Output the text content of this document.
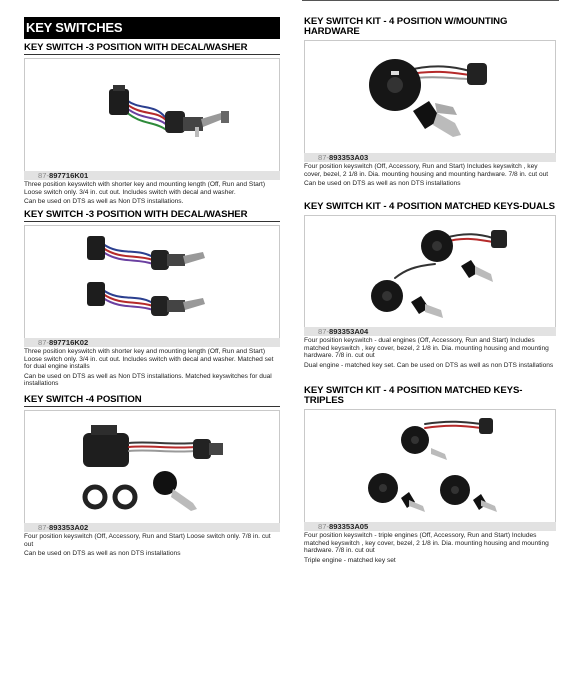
KEY SWITCHES
KEY SWITCH -3 POSITION WITH DECAL/WASHER
87-897716K01

Three position keyswitch with shorter key and mounting length (Off, Run and Start) Loose switch only. 3/4 in. cut out. Includes switch with decal and washer.

Can be used on DTS as well as Non DTS installations.

KEY SWITCH -3 POSITION WITH DECAL/WASHER
87-897716K02

Three position keyswitch with shorter key and mounting length (Off, Run and Start) Loose switch only. 3/4 in. cut out. Includes switch with decal and washer. Matched set for dual engine installs

Can be used on DTS as well as Non DTS installations. Matched keyswitches for dual installations

KEY SWITCH -4 POSITION
87-893353A02

Four position keyswitch (Off, Accessory, Run and Start) Loose switch only. 7/8 in. cut out

Can be used on DTS as well as non DTS installations

KEY SWITCH KIT - 4 POSITION W/MOUNTING HARDWARE
87-893353A03

Four position keyswitch (Off, Accessory, Run and Start) Includes keyswitch , key cover, bezel, 2 1/8 in. Dia. mounting housing and mounting hardware. 7/8 in. cut out

Can be used on DTS as well as non DTS installations

KEY SWITCH KIT - 4 POSITION MATCHED KEYS-DUALS
87-893353A04

Four position keyswitch - dual engines (Off, Accessory, Run and Start) Includes matched keyswitch , key cover, bezel, 2 1/8 in. Dia. mounting housing and mounting hardware. 7/8 in. cut out

Dual engine - matched key set. Can be used on DTS as well as non DTS installations

KEY SWITCH KIT - 4 POSITION MATCHED KEYS-TRIPLES
87-893353A05

Four position keyswitch - triple engines (Off, Accessory, Run and Start) Includes matched keyswitch , key cover, bezel, 2 1/8 in. Dia. mounting housing and mounting hardware. 7/8 in. cut out

Triple engine - matched key set
